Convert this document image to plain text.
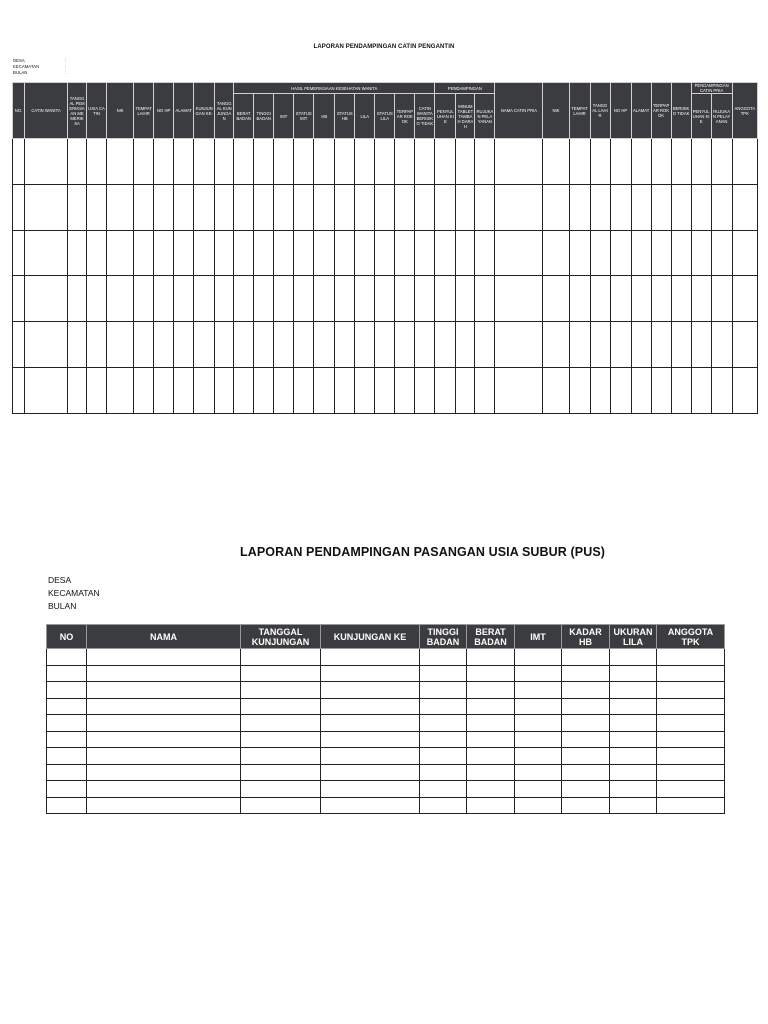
LAPORAN PENDAMPINGAN CATIN PENGANTIN
DESA	:
KECAMATAN	:
BULAN	:
NO.	CATIN WANITA	TANGGAL PEMERIKSAAN MEMERIKSA	USIA CATIN	NIK	TEMPAT LAHIR	NO HP	ALAMAT	KUNJUNGAN KE-	TANGGAL KUNJUNGAN	HASIL PEMERIKSAAN KESEHATAN WANITA										PENDAMPINGAN			NAMA CATIN PRIA	NIK	TEMPAT LAHIR	TANGGAL LAHIR	NO HP	ALAMAT	TERPAPAR ROKOK	BERISIKO TIDAK	PENDAMPINGAN CATIN PRIA		ANGGOTA TPK
										BERAT BADAN	TINGGI BADAN	IMT	STATUS IMT	HB	STATUS HB	LILA	STATUS LILA	TERPAPAR ROKOK	CATIN WANITA BERISIKO TIDAK	PENYULUHAN KIE	MINUM TABLET TAMBAH DARAH	RUJUKAN PELAYANAN									PENYULUHAN KIE	RUJUKAN PELAYANAN	

LAPORAN PENDAMPINGAN PASANGAN USIA SUBUR (PUS)
DESA
KECAMATAN
BULAN
NO	NAMA	TANGGAL KUNJUNGAN	KUNJUNGAN KE	TINGGI BADAN	BERAT BADAN	IMT	KADAR HB	UKURAN LILA	ANGGOTA TPK
